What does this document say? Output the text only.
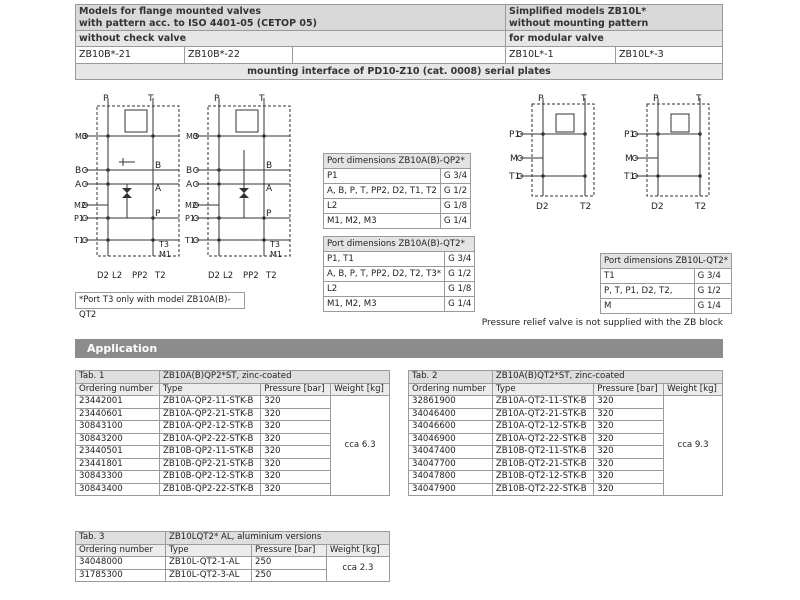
Models for flange mounted valves
with pattern acc. to ISO 4401-05 (CETOP 05)			Simplified models ZB10L*
without mounting pattern	
without check valve			for modular valve	
ZB10B*-21	ZB10B*-22		ZB10L*-1	ZB10L*-3
mounting interface of PD10-Z10 (cat. 0008) serial plates				
P	T
M3
B
A
P
B
A
M2
P1
T1	T3
M1
D2 L2 PP2 T2
P	T
M3
B
A
P
B
A
M2
P1
T1	T3
M1
D2 L2 PP2 T2
*Port T3 only with model ZB10A(B)-QT2
Port dimensions ZB10A(B)-QP2*	
P1	G 3/4
A, B, P, T, PP2, D2, T1, T2	G 1/2
L2	G 1/8
M1, M2, M3	G 1/4
Port dimensions ZB10A(B)-QT2*	
P1, T1	G 3/4
A, B, P, T, PP2, D2, T2, T3*	G 1/2
L2	G 1/8
M1, M2, M3	G 1/4
P	T
P1
M
T1
D2	T2
P	T
P1
M
T1
D2	T2
Port dimensions ZB10L-QT2*	
T1	G 3/4
P, T, P1, D2, T2,	G 1/2
M	G 1/4
Pressure relief valve is not supplied with the ZB block
Application
Tab. 1	ZB10A(B)QP2*ST, zinc-coated		
Ordering number	Type	Pressure [bar]	Weight [kg]
23442001	ZB10A-QP2-11-STK-B	320	cca 6.3
23440601	ZB10A-QP2-21-STK-B	320	
30843100	ZB10A-QP2-12-STK-B	320	
30843200	ZB10A-QP2-22-STK-B	320	
23440501	ZB10B-QP2-11-STK-B	320	
23441801	ZB10B-QP2-21-STK-B	320	
30843300	ZB10B-QP2-12-STK-B	320	
30843400	ZB10B-QP2-22-STK-B	320	
Tab. 2	ZB10A(B)QT2*ST, zinc-coated		
Ordering number	Type	Pressure [bar]	Weight [kg]
32861900	ZB10A-QT2-11-STK-B	320	cca 9.3
34046400	ZB10A-QT2-21-STK-B	320	
34046600	ZB10A-QT2-12-STK-B	320	
34046900	ZB10A-QT2-22-STK-B	320	
34047400	ZB10B-QT2-11-STK-B	320	
34047700	ZB10B-QT2-21-STK-B	320	
34047800	ZB10B-QT2-12-STK-B	320	
34047900	ZB10B-QT2-22-STK-B	320	
Tab. 3	ZB10LQT2* AL, aluminium versions		
Ordering number	Type	Pressure [bar]	Weight [kg]
34048000	ZB10L-QT2-1-AL	250	cca 2.3
31785300	ZB10L-QT2-3-AL	250	
